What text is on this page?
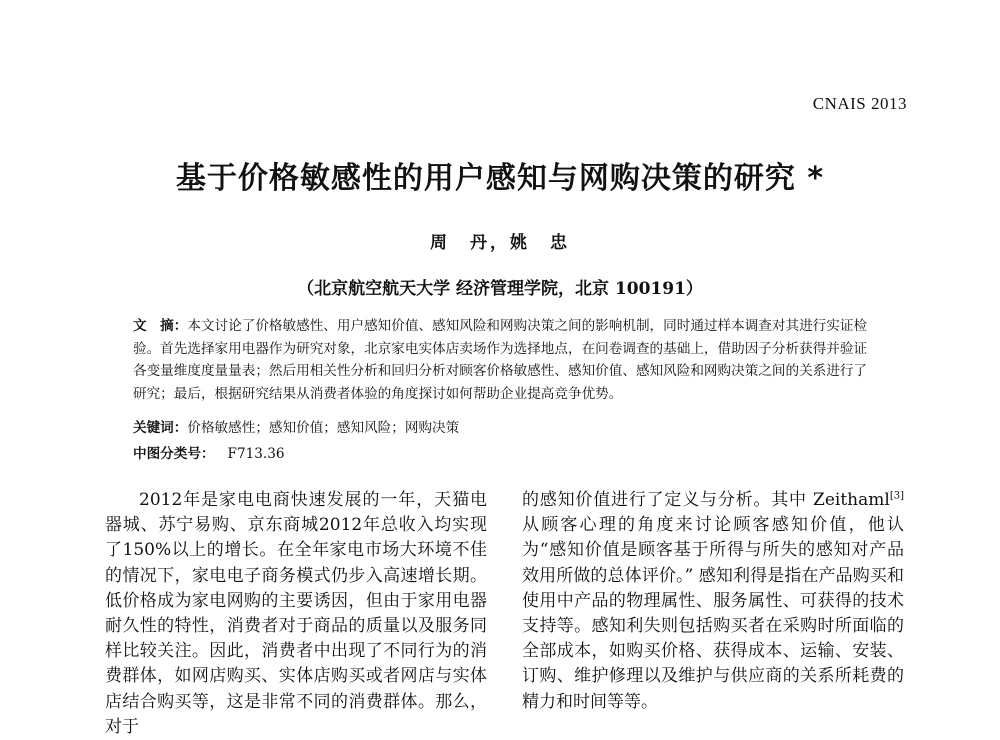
CNAIS 2013
基于价格敏感性的用户感知与网购决策的研究 *
周　丹，姚　忠
（北京航空航天大学 经济管理学院，北京 100191）
文　摘：本文讨论了价格敏感性、用户感知价值、感知风险和网购决策之间的影响机制，同时通过样本调查对其进行实证检验。首先选择家用电器作为研究对象，北京家电实体店卖场作为选择地点，在问卷调查的基础上，借助因子分析获得并验证各变量维度度量量表；然后用相关性分析和回归分析对顾客价格敏感性、感知价值、感知风险和网购决策之间的关系进行了研究；最后，根据研究结果从消费者体验的角度探讨如何帮助企业提高竞争优势。
关键词：价格敏感性；感知价值；感知风险；网购决策
中图分类号： F713.36
2012年是家电电商快速发展的一年，天猫电器城、苏宁易购、京东商城2012年总收入均实现了150%以上的增长。在全年家电市场大环境不佳的情况下，家电电子商务模式仍步入高速增长期。低价格成为家电网购的主要诱因，但由于家用电器耐久性的特性，消费者对于商品的质量以及服务同样比较关注。因此，消费者中出现了不同行为的消费群体，如网店购买、实体店购买或者网店与实体店结合购买等，这是非常不同的消费群体。那么，对于
的感知价值进行了定义与分析。其中 Zeithaml[3]从顾客心理的角度来讨论顾客感知价值，他认为“感知价值是顾客基于所得与所失的感知对产品效用所做的总体评价。” 感知利得是指在产品购买和使用中产品的物理属性、服务属性、可获得的技术支持等。感知利失则包括购买者在采购时所面临的全部成本，如购买价格、获得成本、运输、安装、订购、维护修理以及维护与供应商的关系所耗费的精力和时间等等。
